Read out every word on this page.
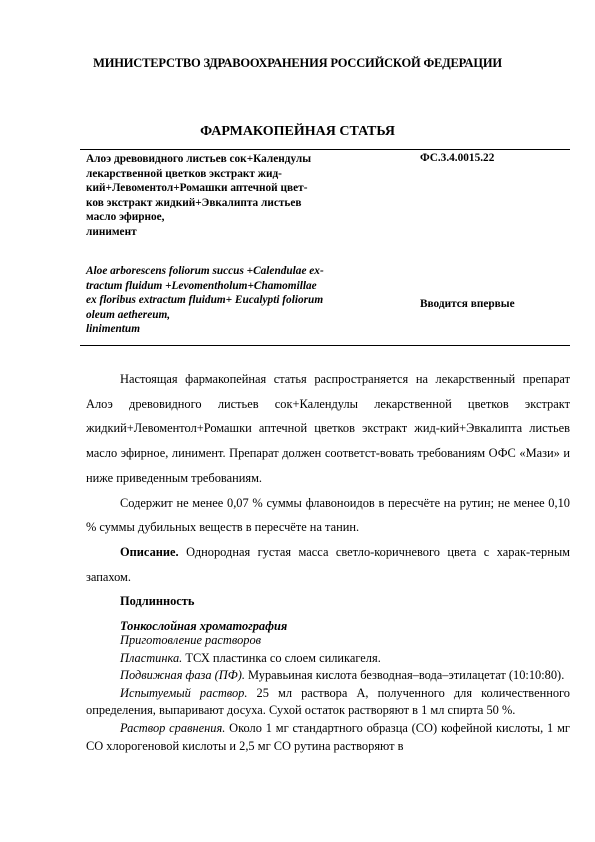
МИНИСТЕРСТВО ЗДРАВООХРАНЕНИЯ РОССИЙСКОЙ ФЕДЕРАЦИИ
ФАРМАКОПЕЙНАЯ СТАТЬЯ
Алоэ древовидного листьев сок+Календулы
лекарственной цветков экстракт жид-
кий+Левоментол+Ромашки аптечной цвет-
ков экстракт жидкий+Эвкалипта листьев
масло эфирное,
линимент
ФС.3.4.0015.22
Aloe arborescens foliorum succus +Calendulae ex-
tractum fluidum +Levomentholum+Chamomillae
ex floribus extractum fluidum+ Eucalypti foliorum
oleum aethereum,
linimentum
Вводится впервые

Настоящая фармакопейная статья распространяется на лекарственный препарат Алоэ древовидного листьев сок+Календулы лекарственной цветков экстракт жидкий+Левоментол+Ромашки аптечной цветков экстракт жид-кий+Эвкалипта листьев масло эфирное, линимент. Препарат должен соответст-вовать требованиям ОФС «Мази» и ниже приведенным требованиям.

Содержит не менее 0,07 % суммы флавоноидов в пересчёте на рутин; не менее 0,10 % суммы дубильных веществ в пересчёте на танин.

Описание. Однородная густая масса светло-коричневого цвета с харак-терным запахом.

Подлинность

Тонкослойная хроматография

Приготовление растворов

Пластинка. ТСХ пластинка со слоем силикагеля.

Подвижная фаза (ПФ). Муравьиная кислота безводная–вода–этилацетат (10:10:80).

Испытуемый раствор. 25 мл раствора А, полученного для количественного определения, выпаривают досуха. Сухой остаток растворяют в 1 мл спирта 50 %.

Раствор сравнения. Около 1 мг стандартного образца (СО) кофейной кислоты, 1 мг СО хлорогеновой кислоты и 2,5 мг СО рутина растворяют в
